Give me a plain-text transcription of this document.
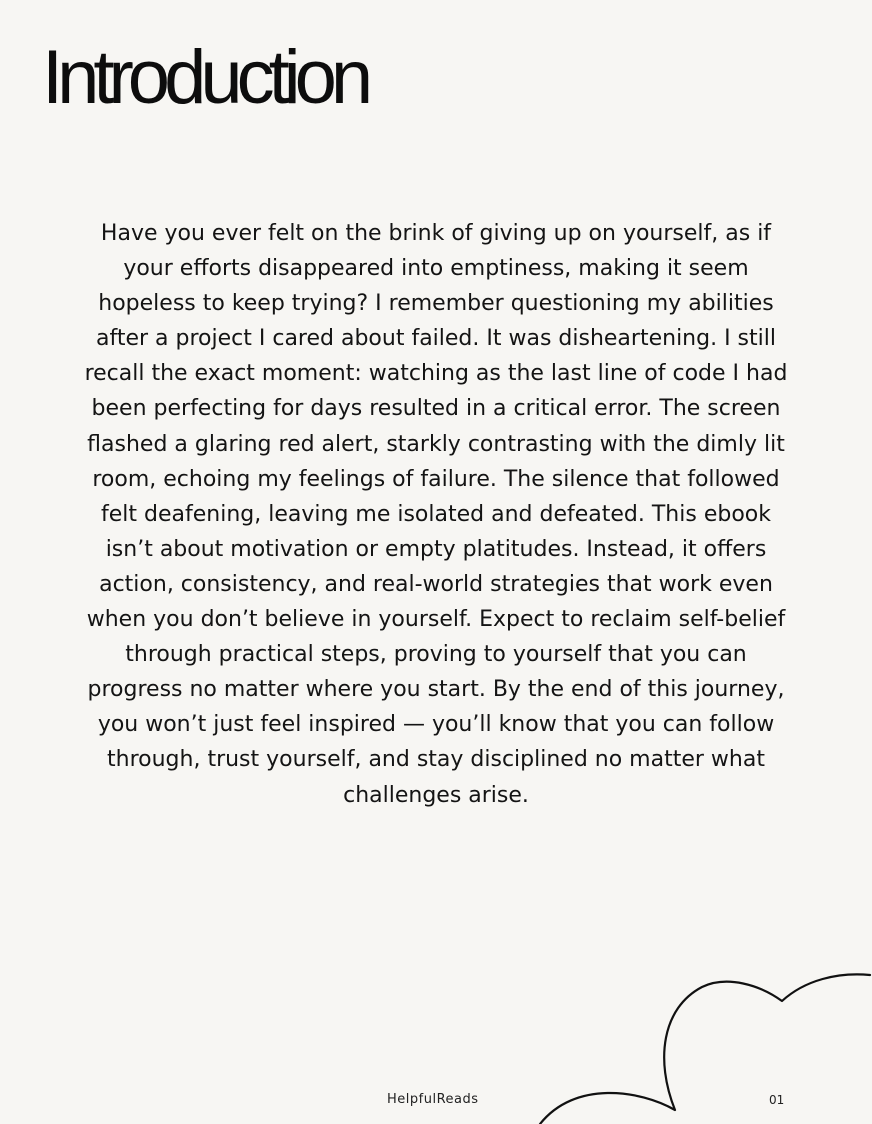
Introduction

Have you ever felt on the brink of giving up on yourself, as if your efforts disappeared into emptiness, making it seem hopeless to keep trying? I remember questioning my abilities after a project I cared about failed. It was disheartening. I still recall the exact moment: watching as the last line of code I had been perfecting for days resulted in a critical error. The screen flashed a glaring red alert, starkly contrasting with the dimly lit room, echoing my feelings of failure. The silence that followed felt deafening, leaving me isolated and defeated. This ebook isn’t about motivation or empty platitudes. Instead, it offers action, consistency, and real-world strategies that work even when you don’t believe in yourself. Expect to reclaim self-belief through practical steps, proving to yourself that you can progress no matter where you start. By the end of this journey, you won’t just feel inspired — you’ll know that you can follow through, trust yourself, and stay disciplined no matter what challenges arise.

HelpfulReads	01
